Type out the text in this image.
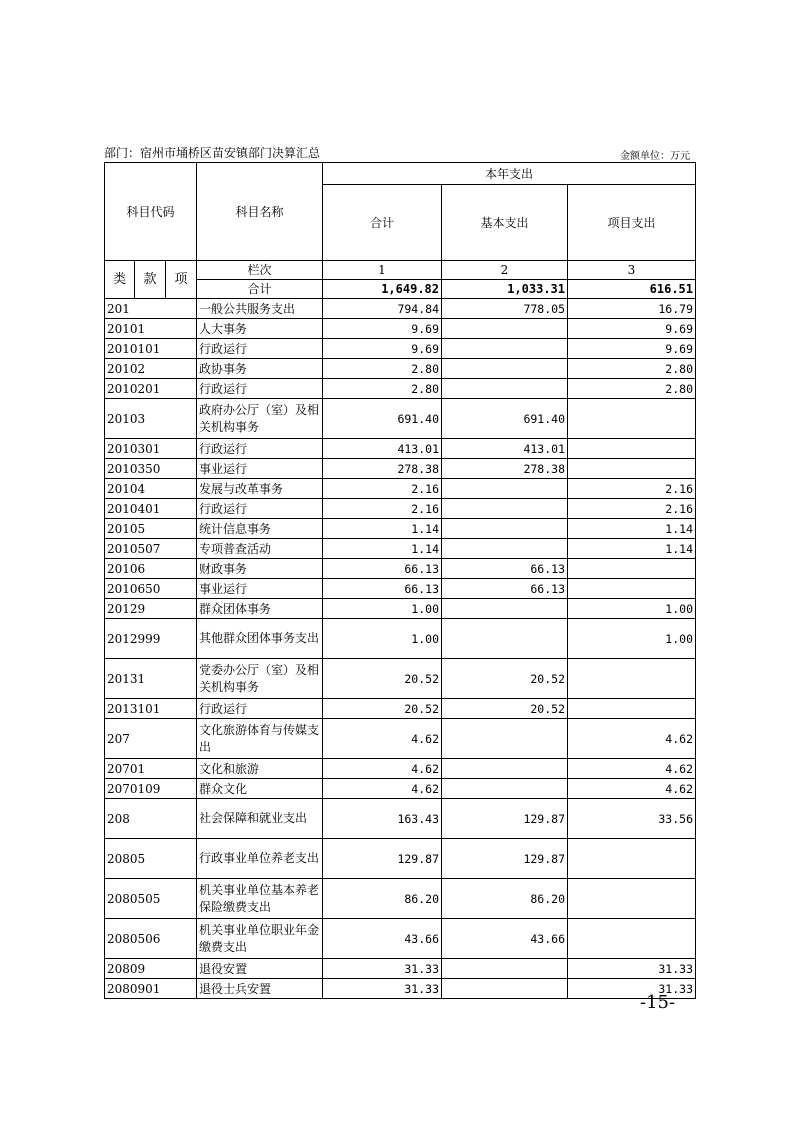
部门：宿州市埇桥区苗安镇部门决算汇总	金额单位：万元
科目代码			科目名称	本年支出		
				合计	基本支出	项目支出
类	款	项	栏次	1	2	3
			合计	1,649.82	1,033.31	616.51
201			一般公共服务支出	794.84	778.05	16.79
20101			人大事务	9.69		9.69
2010101			行政运行	9.69		9.69
20102			政协事务	2.80		2.80
2010201			行政运行	2.80		2.80
20103			政府办公厅（室）及相关机构事务	691.40	691.40	
2010301			行政运行	413.01	413.01	
2010350			事业运行	278.38	278.38	
20104			发展与改革事务	2.16		2.16
2010401			行政运行	2.16		2.16
20105			统计信息事务	1.14		1.14
2010507			专项普查活动	1.14		1.14
20106			财政事务	66.13	66.13	
2010650			事业运行	66.13	66.13	
20129			群众团体事务	1.00		1.00
2012999			其他群众团体事务支出	1.00		1.00
20131			党委办公厅（室）及相关机构事务	20.52	20.52	
2013101			行政运行	20.52	20.52	
207			文化旅游体育与传媒支出	4.62		4.62
20701			文化和旅游	4.62		4.62
2070109			群众文化	4.62		4.62
208			社会保障和就业支出	163.43	129.87	33.56
20805			行政事业单位养老支出	129.87	129.87	
2080505			机关事业单位基本养老保险缴费支出	86.20	86.20	
2080506			机关事业单位职业年金缴费支出	43.66	43.66	
20809			退役安置	31.33		31.33
2080901			退役士兵安置	31.33		31.33
-15-
